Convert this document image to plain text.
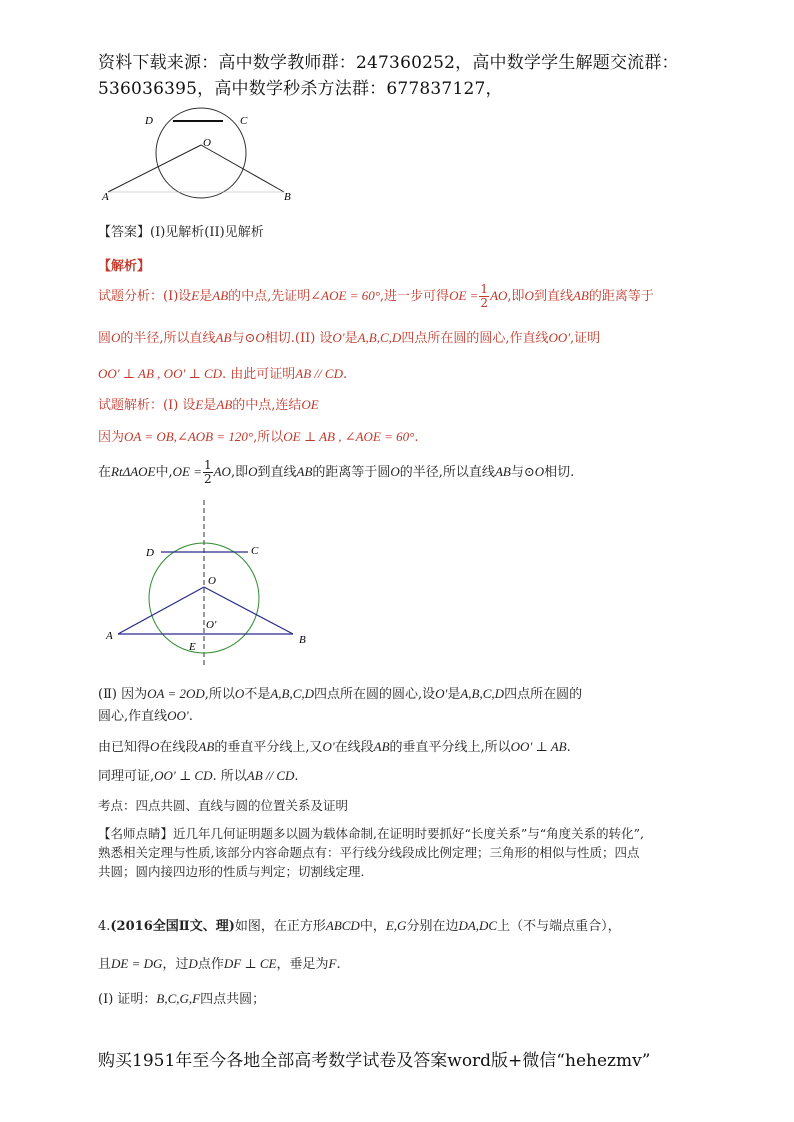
资料下载来源：高中数学教师群：247360252，高中数学学生解题交流群：
536036395，高中数学秒杀方法群：677837127，
D	C
O
A	B
【答案】(I)见解析(II)见解析
【解析】
试题分析：(I)设E是AB的中点,先证明∠AOE = 60°,进一步可得OE = $\frac{1}{2}$ AO,即O到直线AB的距离等于
圆O的半径,所以直线AB与⊙O相切.(II) 设O'是A,B,C,D四点所在圆的圆心,作直线OO',证明
OO' ⊥ AB , OO' ⊥ CD. 由此可证明AB // CD.
试题解析：(Ⅰ) 设E是AB的中点,连结OE
因为OA = OB,∠AOB = 120°,所以OE ⊥ AB , ∠AOE = 60°.
在RtΔAOE中$,OE = \frac{1}{2}$ AO,即O到直线AB的距离等于圆O的半径,所以直线AB与⊙O相切.
D	C
O
O'
A	B
E
(Ⅱ) 因为OA = 2OD,所以O不是A,B,C,D四点所在圆的圆心,设O'是A,B,C,D四点所在圆的
圆心,作直线OO'.
由已知得O在线段AB的垂直平分线上,又O'在线段AB的垂直平分线上,所以OO' ⊥ AB.
同理可证,OO' ⊥ CD. 所以AB // CD.
考点：四点共圆、直线与圆的位置关系及证明
【名师点睛】近几年几何证明题多以圆为载体命制,在证明时要抓好“长度关系”与“角度关系的转化”,
熟悉相关定理与性质,该部分内容命题点有：平行线分线段成比例定理；三角形的相似与性质；四点
共圆；圆内接四边形的性质与判定；切割线定理.
4.(2016全国Ⅱ文、理)如图，在正方形ABCD中，E,G分别在边DA,DC上（不与端点重合），
且DE = DG，过D点作DF ⊥ CE，垂足为F.
(Ⅰ) 证明：B,C,G,F四点共圆；
购买1951年至今各地全部高考数学试卷及答案word版+微信“hehezmv”
